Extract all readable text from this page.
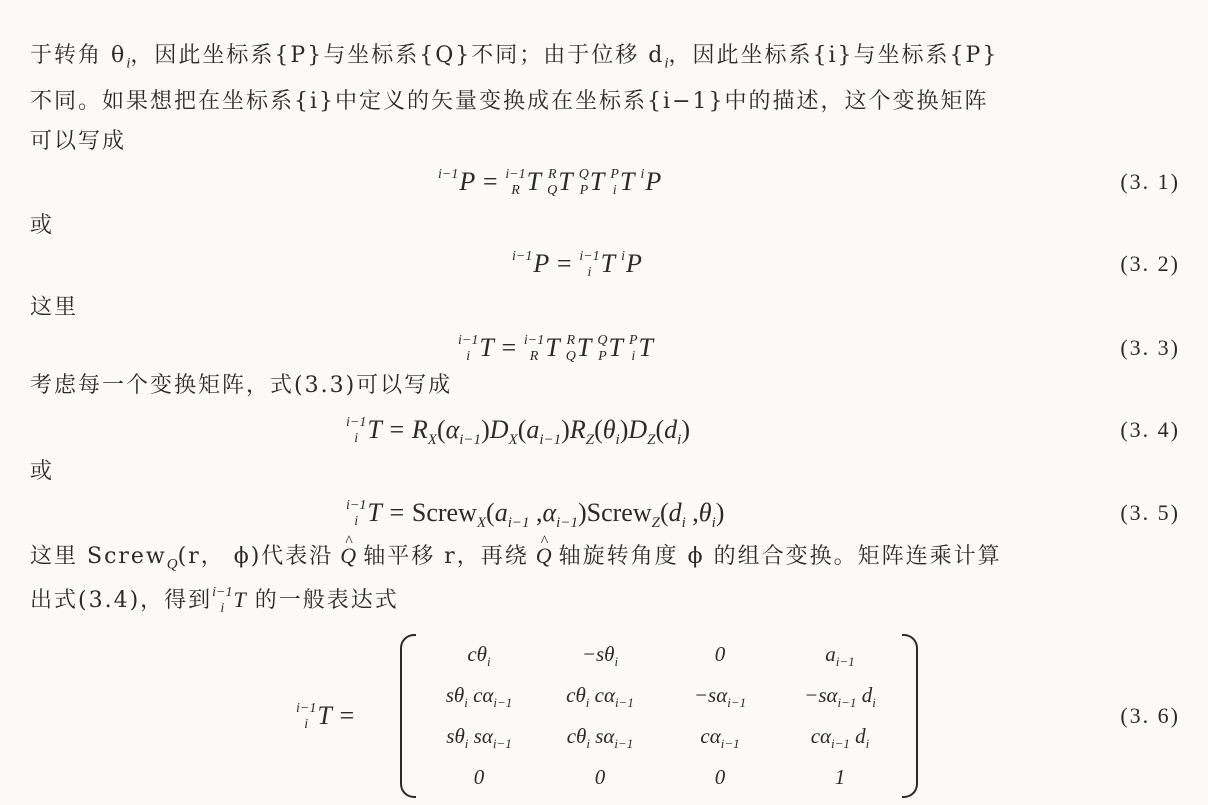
于转角 $\theta_i$，因此坐标系{P}与坐标系{Q}不同；由于位移 $d_i$，因此坐标系{i}与坐标系{P}
不同。如果想把在坐标系{i}中定义的矢量变换成在坐标系{i−1}中的描述，这个变换矩阵
可以写成
i−1 P = i−1
R T R
Q T Q
P T P
i T i P	(3. 1)
或
i−1 P = i−1
i T i P	(3. 2)
这里
i−1
i T = i−1
R T R
Q T Q
P T P
i T	(3. 3)
考虑每一个变换矩阵，式(3.3)可以写成
i−1
i $T = R_X(\alpha_{i-1})D_X(a_{i-1})R_Z(\theta_i)D_Z(d_i)$	(3. 4)
或
i−1
i $T = Screw_X(a_{i-1}$ $,\alpha_{i-1})Screw_Z(d_i$ $,\theta_i$)	(3. 5)
这里 Screw$_Q$(r， ϕ)代表沿 ^ Q 轴平移 r，再绕 ^ Q 轴旋转角度 ϕ 的组合变换。矩阵连乘计算
出式(3.4)，得到 i−1
i T 的一般表达式
i−1
i T =
$c\theta_i$	$-s\theta_i$	0	$a_{i-1}$
$s\theta_i$ $c\alpha_{i-1}$	$c\theta_i$ $c\alpha_{i-1}$	$-s\alpha_{i-1}$	$-s\alpha_{i-1}$ $d_i$
$s\theta_i$ $s\alpha_{i-1}$	$c\theta_i$ $s\alpha_{i-1}$	$c\alpha_{i-1}$	$c\alpha_{i-1}$ $d_i$
0	0	0	1
(3. 6)
